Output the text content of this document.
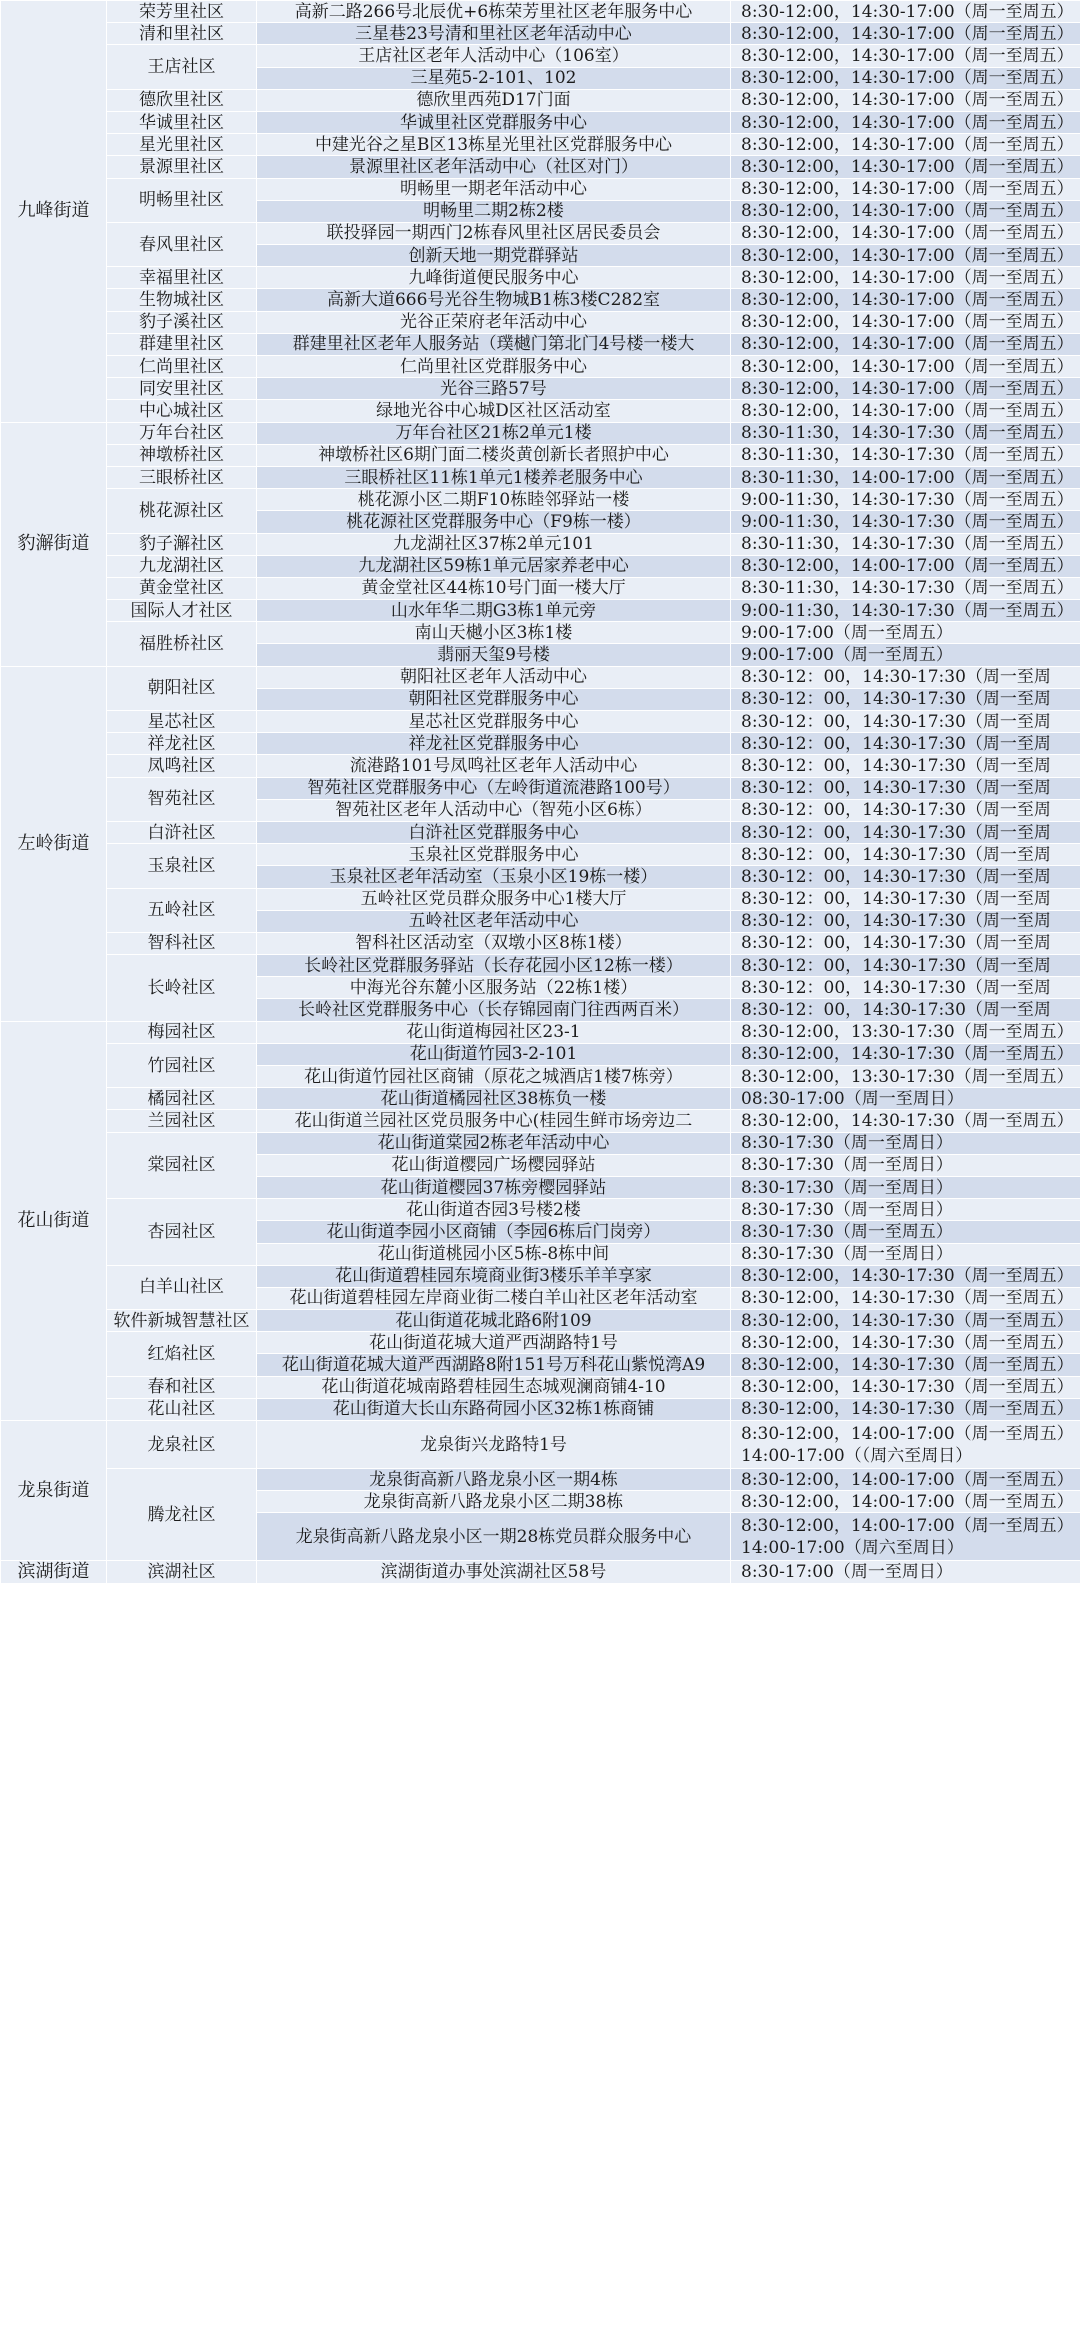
九峰街道	荣芳里社区	高新二路266号北辰优+6栋荣芳里社区老年服务中心	8:30-12:00，14:30-17:00（周一至周五）
	清和里社区	三星巷23号清和里社区老年活动中心	8:30-12:00，14:30-17:00（周一至周五）
	王店社区	王店社区老年人活动中心（106室）	8:30-12:00，14:30-17:00（周一至周五）
		三星苑5-2-101、102	8:30-12:00，14:30-17:00（周一至周五）
	德欣里社区	德欣里西苑D17门面	8:30-12:00，14:30-17:00（周一至周五）
	华诚里社区	华诚里社区党群服务中心	8:30-12:00，14:30-17:00（周一至周五）
	星光里社区	中建光谷之星B区13栋星光里社区党群服务中心	8:30-12:00，14:30-17:00（周一至周五）
	景源里社区	景源里社区老年活动中心（社区对门）	8:30-12:00，14:30-17:00（周一至周五）
	明畅里社区	明畅里一期老年活动中心	8:30-12:00，14:30-17:00（周一至周五）
		明畅里二期2栋2楼	8:30-12:00，14:30-17:00（周一至周五）
	春风里社区	联投驿园一期西门2栋春风里社区居民委员会	8:30-12:00，14:30-17:00（周一至周五）
		创新天地一期党群驿站	8:30-12:00，14:30-17:00（周一至周五）
	幸福里社区	九峰街道便民服务中心	8:30-12:00，14:30-17:00（周一至周五）
	生物城社区	高新大道666号光谷生物城B1栋3楼C282室	8:30-12:00，14:30-17:00（周一至周五）
	豹子溪社区	光谷正荣府老年活动中心	8:30-12:00，14:30-17:00（周一至周五）
	群建里社区	群建里社区老年人服务站（璞樾门第北门4号楼一楼大	8:30-12:00，14:30-17:00（周一至周五）
	仁尚里社区	仁尚里社区党群服务中心	8:30-12:00，14:30-17:00（周一至周五）
	同安里社区	光谷三路57号	8:30-12:00，14:30-17:00（周一至周五）
	中心城社区	绿地光谷中心城D区社区活动室	8:30-12:00，14:30-17:00（周一至周五）
豹澥街道	万年台社区	万年台社区21栋2单元1楼	8:30-11:30，14:30-17:30（周一至周五）
	神墩桥社区	神墩桥社区6期门面二楼炎黄创新长者照护中心	8:30-11:30，14:30-17:30（周一至周五）
	三眼桥社区	三眼桥社区11栋1单元1楼养老服务中心	8:30-11:30，14:00-17:00（周一至周五）
	桃花源社区	桃花源小区二期F10栋睦邻驿站一楼	9:00-11:30，14:30-17:30（周一至周五）
		桃花源社区党群服务中心（F9栋一楼）	9:00-11:30，14:30-17:30（周一至周五）
	豹子澥社区	九龙湖社区37栋2单元101	8:30-11:30，14:30-17:30（周一至周五）
	九龙湖社区	九龙湖社区59栋1单元居家养老中心	8:30-12:00，14:00-17:00（周一至周五）
	黄金堂社区	黄金堂社区44栋10号门面一楼大厅	8:30-11:30，14:30-17:30（周一至周五）
	国际人才社区	山水年华二期G3栋1单元旁	9:00-11:30，14:30-17:30（周一至周五）
	福胜桥社区	南山天樾小区3栋1楼	9:00-17:00（周一至周五）
		翡丽天玺9号楼	9:00-17:00（周一至周五）
左岭街道	朝阳社区	朝阳社区老年人活动中心	8:30-12：00，14:30-17:30（周一至周
		朝阳社区党群服务中心	8:30-12：00，14:30-17:30（周一至周
	星芯社区	星芯社区党群服务中心	8:30-12：00，14:30-17:30（周一至周
	祥龙社区	祥龙社区党群服务中心	8:30-12：00，14:30-17:30（周一至周
	凤鸣社区	流港路101号凤鸣社区老年人活动中心	8:30-12：00，14:30-17:30（周一至周
	智苑社区	智苑社区党群服务中心（左岭街道流港路100号）	8:30-12：00，14:30-17:30（周一至周
		智苑社区老年人活动中心（智苑小区6栋）	8:30-12：00，14:30-17:30（周一至周
	白浒社区	白浒社区党群服务中心	8:30-12：00，14:30-17:30（周一至周
	玉泉社区	玉泉社区党群服务中心	8:30-12：00，14:30-17:30（周一至周
		玉泉社区老年活动室（玉泉小区19栋一楼）	8:30-12：00，14:30-17:30（周一至周
	五岭社区	五岭社区党员群众服务中心1楼大厅	8:30-12：00，14:30-17:30（周一至周
		五岭社区老年活动中心	8:30-12：00，14:30-17:30（周一至周
	智科社区	智科社区活动室（双墩小区8栋1楼）	8:30-12：00，14:30-17:30（周一至周
	长岭社区	长岭社区党群服务驿站（长存花园小区12栋一楼）	8:30-12：00，14:30-17:30（周一至周
		中海光谷东麓小区服务站（22栋1楼）	8:30-12：00，14:30-17:30（周一至周
		长岭社区党群服务中心（长存锦园南门往西两百米）	8:30-12：00，14:30-17:30（周一至周
花山街道	梅园社区	花山街道梅园社区23-1	8:30-12:00，13:30-17:30（周一至周五）
	竹园社区	花山街道竹园3-2-101	8:30-12:00，14:30-17:30（周一至周五）
		花山街道竹园社区商铺（原花之城酒店1楼7栋旁）	8:30-12:00，13:30-17:30（周一至周五）
	橘园社区	花山街道橘园社区38栋负一楼	08:30-17:00（周一至周日）
	兰园社区	花山街道兰园社区党员服务中心(桂园生鲜市场旁边二	8:30-12:00，14:30-17:30（周一至周五）
	棠园社区	花山街道棠园2栋老年活动中心	8:30-17:30（周一至周日）
		花山街道樱园广场樱园驿站	8:30-17:30（周一至周日）
		花山街道樱园37栋旁樱园驿站	8:30-17:30（周一至周日）
	杏园社区	花山街道杏园3号楼2楼	8:30-17:30（周一至周日）
		花山街道李园小区商铺（李园6栋后门岗旁）	8:30-17:30（周一至周五）
		花山街道桃园小区5栋-8栋中间	8:30-17:30（周一至周日）
	白羊山社区	花山街道碧桂园东境商业街3楼乐羊羊享家	8:30-12:00，14:30-17:30（周一至周五）
		花山街道碧桂园左岸商业街二楼白羊山社区老年活动室	8:30-12:00，14:30-17:30（周一至周五）
	软件新城智慧社区	花山街道花城北路6附109	8:30-12:00，14:30-17:30（周一至周五）
	红焰社区	花山街道花城大道严西湖路特1号	8:30-12:00，14:30-17:30（周一至周五）
		花山街道花城大道严西湖路8附151号万科花山紫悦湾A9	8:30-12:00，14:30-17:30（周一至周五）
	春和社区	花山街道花城南路碧桂园生态城观澜商铺4-10	8:30-12:00，14:30-17:30（周一至周五）
	花山社区	花山街道大长山东路荷园小区32栋1栋商铺	8:30-12:00，14:30-17:30（周一至周五）
龙泉街道	龙泉社区	龙泉街兴龙路特1号	8:30-12:00，14:00-17:00（周一至周五） 14:00-17:00（（周六至周日）
	腾龙社区	龙泉街高新八路龙泉小区一期4栋	8:30-12:00，14:00-17:00（周一至周五）
		龙泉街高新八路龙泉小区二期38栋	8:30-12:00，14:00-17:00（周一至周五）
		龙泉街高新八路龙泉小区一期28栋党员群众服务中心	8:30-12:00，14:00-17:00（周一至周五） 14:00-17:00（周六至周日）
滨湖街道	滨湖社区	滨湖街道办事处滨湖社区58号	8:30-17:00（周一至周日）
